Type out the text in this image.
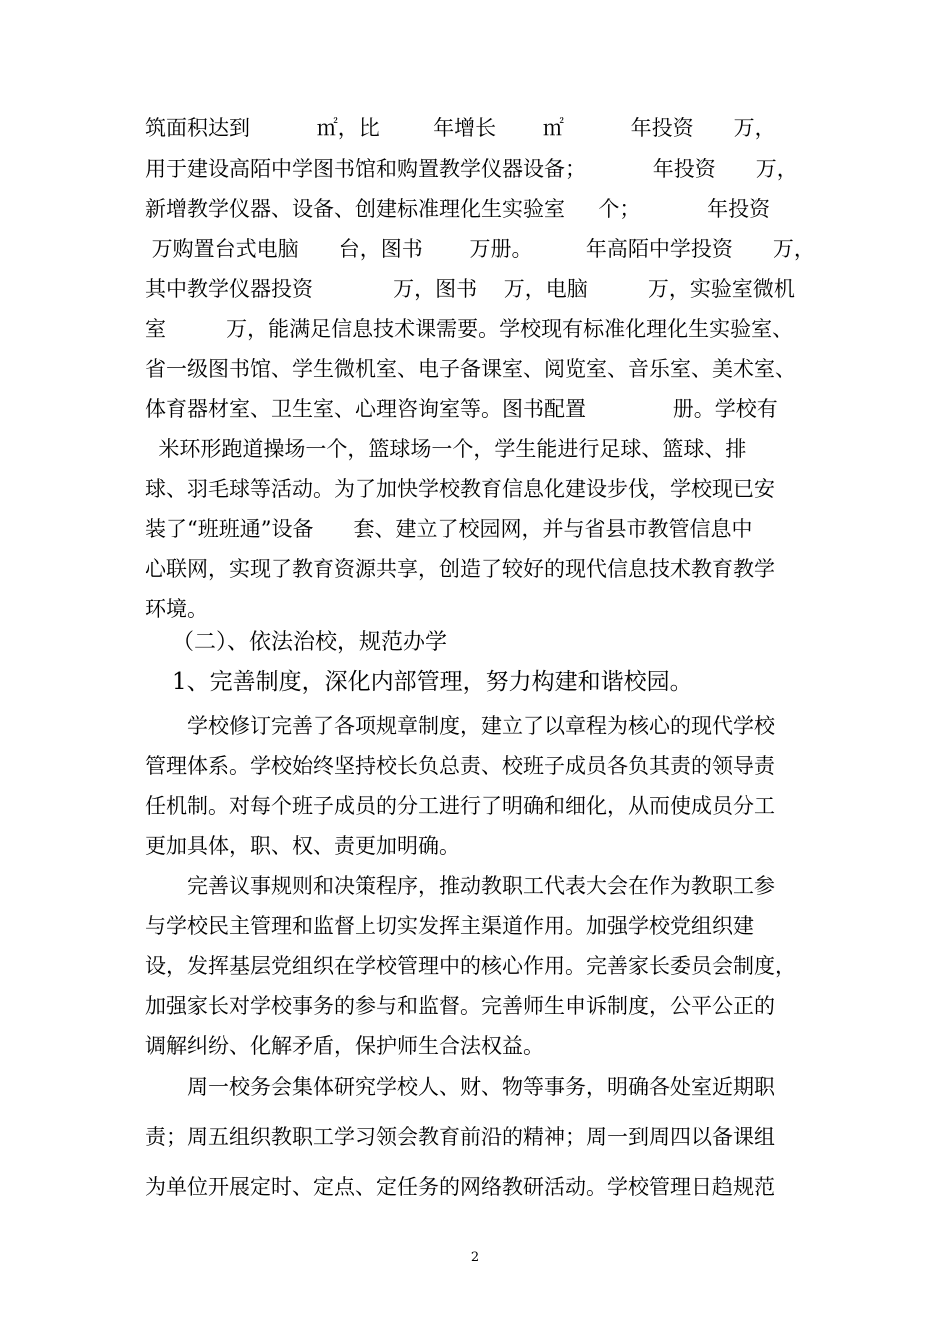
筑面积达到          ㎡，比        年增长       ㎡          年投资      万，
用于建设高陌中学图书馆和购置教学仪器设备；          年投资      万，
新增教学仪器、设备、创建标准理化生实验室     个；          年投资
万购置台式电脑      台，图书       万册。        年高陌中学投资      万，
其中教学仪器投资            万，图书    万，电脑         万，实验室微机
室         万，能满足信息技术课需要。学校现有标准化理化生实验室、
省一级图书馆、学生微机室、电子备课室、阅览室、音乐室、美术室、
体育器材室、卫生室、心理咨询室等。图书配置             册。学校有
米环形跑道操场一个，篮球场一个，学生能进行足球、篮球、排
球、羽毛球等活动。为了加快学校教育信息化建设步伐，学校现已安
装了“班班通”设备      套、建立了校园网，并与省县市教管信息中
心联网，实现了教育资源共享，创造了较好的现代信息技术教育教学
环境。
（二）、依法治校，规范办学
1、完善制度，深化内部管理，努力构建和谐校园。
学校修订完善了各项规章制度，建立了以章程为核心的现代学校
管理体系。学校始终坚持校长负总责、校班子成员各负其责的领导责
任机制。对每个班子成员的分工进行了明确和细化，从而使成员分工
更加具体，职、权、责更加明确。
完善议事规则和决策程序，推动教职工代表大会在作为教职工参
与学校民主管理和监督上切实发挥主渠道作用。加强学校党组织建
设，发挥基层党组织在学校管理中的核心作用。完善家长委员会制度，
加强家长对学校事务的参与和监督。完善师生申诉制度，公平公正的
调解纠纷、化解矛盾，保护师生合法权益。
周一校务会集体研究学校人、财、物等事务，明确各处室近期职
责；周五组织教职工学习领会教育前沿的精神；周一到周四以备课组
为单位开展定时、定点、定任务的网络教研活动。学校管理日趋规范
2
